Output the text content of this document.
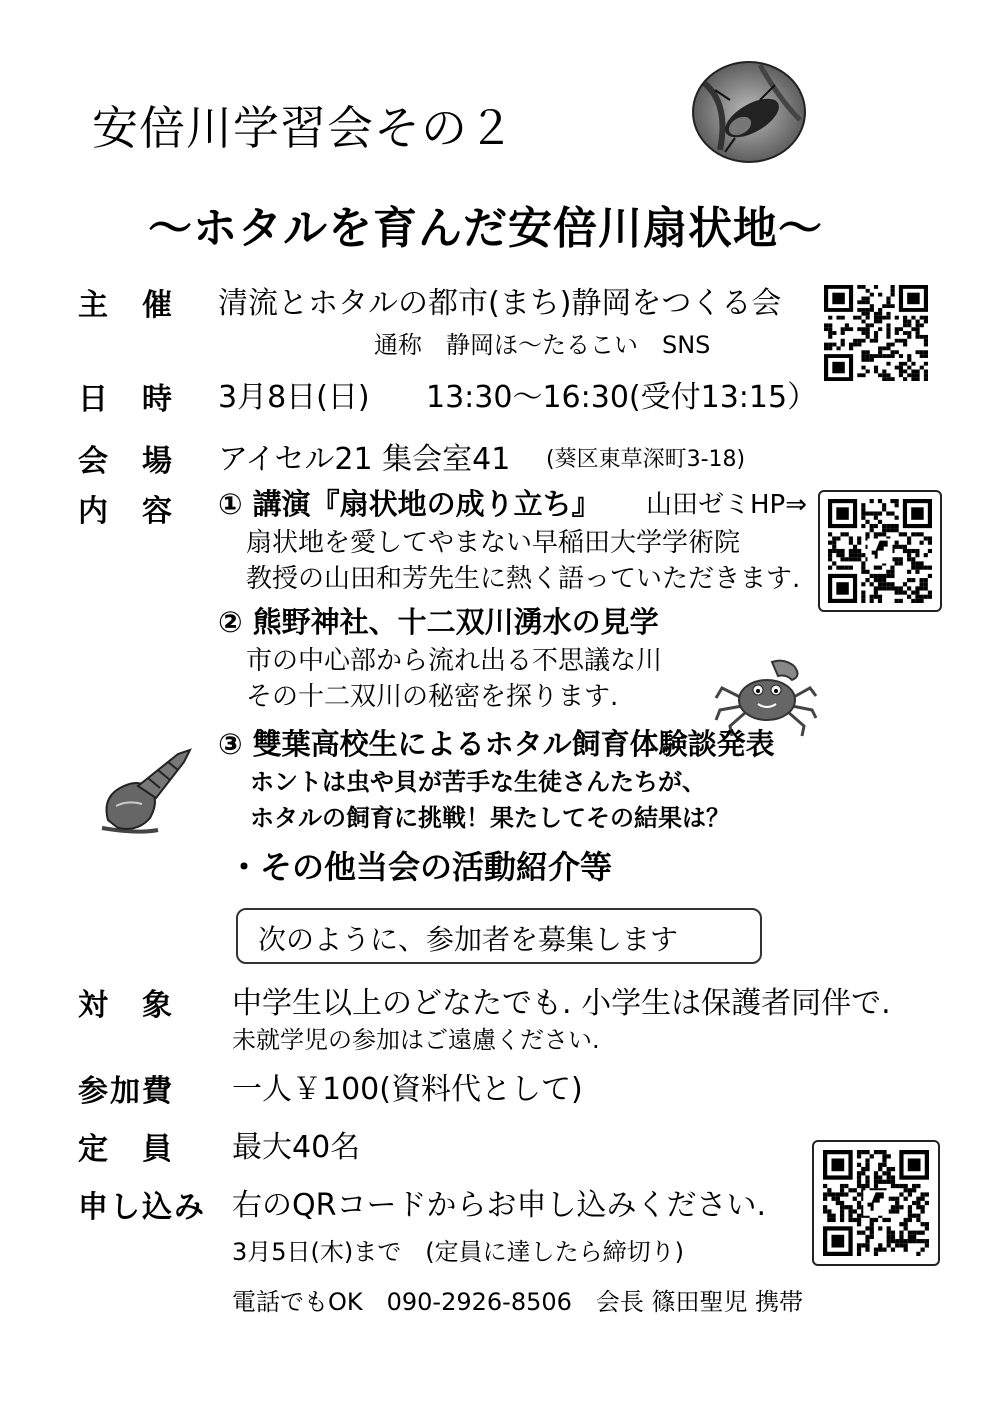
安倍川学習会その２
～ホタルを育んだ安倍川扇状地～
主　催 清流とホタルの都市(まち)静岡をつくる会
通称　静岡ほ～たるこい　SNS
日　時 3月8日(日) 13:30～16:30(受付13:15）
会　場 アイセル21 集会室41 (葵区東草深町3-18)
内　容 ① 講演『扇状地の成り立ち』 山田ゼミHP⇒
扇状地を愛してやまない早稲田大学学術院
教授の山田和芳先生に熱く語っていただきます.
② 熊野神社、十二双川湧水の見学
市の中心部から流れ出る不思議な川
その十二双川の秘密を探ります.
③ 雙葉高校生によるホタル飼育体験談発表
ホントは虫や貝が苦手な生徒さんたちが、
ホタルの飼育に挑戦！果たしてその結果は？
・その他当会の活動紹介等
次のように、参加者を募集します
対　象 中学生以上のどなたでも. 小学生は保護者同伴で.
未就学児の参加はご遠慮ください.
参加費 一人￥100(資料代として)
定　員 最大40名
申し込み 右のQRコードからお申し込みください.
3月5日(木)まで　(定員に達したら締切り)
電話でもOK　090-2926-8506　会長 篠田聖児 携帯
